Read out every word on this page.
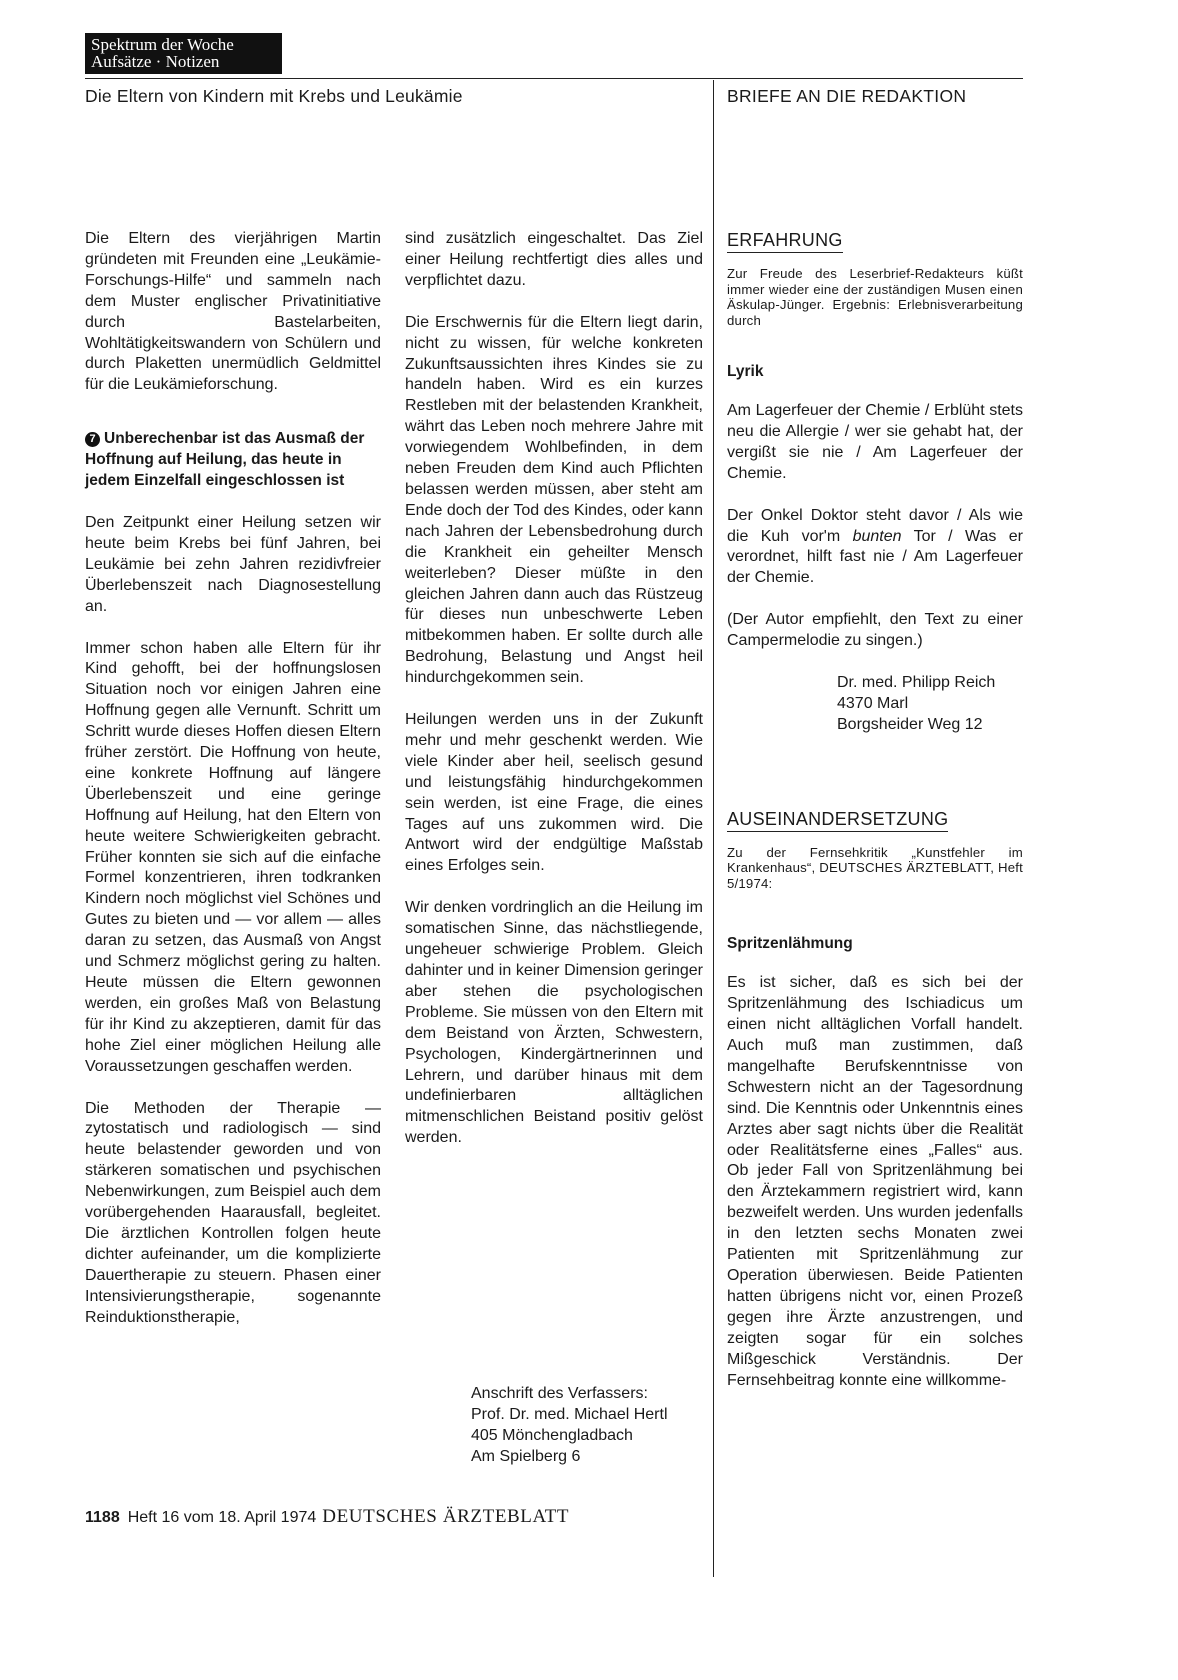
Spektrum der Woche
Aufsätze · Notizen
Die Eltern von Kindern mit Krebs und Leukämie	BRIEFE AN DIE REDAKTION

Die Eltern des vierjährigen Martin gründeten mit Freunden eine „Leukämie-Forschungs-Hilfe“ und sammeln nach dem Muster englischer Privatinitiative durch Bastelarbeiten, Wohltätigkeitswandern von Schülern und durch Plaketten unermüdlich Geldmittel für die Leukämieforschung.

7 Unberechenbar ist das Ausmaß der Hoffnung auf Heilung, das heute in jedem Einzelfall eingeschlossen ist

Den Zeitpunkt einer Heilung setzen wir heute beim Krebs bei fünf Jahren, bei Leukämie bei zehn Jahren rezidivfreier Überlebenszeit nach Diagnosestellung an.

Immer schon haben alle Eltern für ihr Kind gehofft, bei der hoffnungslosen Situation noch vor einigen Jahren eine Hoffnung gegen alle Vernunft. Schritt um Schritt wurde dieses Hoffen diesen Eltern früher zerstört. Die Hoffnung von heute, eine konkrete Hoffnung auf längere Überlebenszeit und eine geringe Hoffnung auf Heilung, hat den Eltern von heute weitere Schwierigkeiten gebracht. Früher konnten sie sich auf die einfache Formel konzentrieren, ihren todkranken Kindern noch möglichst viel Schönes und Gutes zu bieten und — vor allem — alles daran zu setzen, das Ausmaß von Angst und Schmerz möglichst gering zu halten. Heute müssen die Eltern gewonnen werden, ein großes Maß von Belastung für ihr Kind zu akzeptieren, damit für das hohe Ziel einer möglichen Heilung alle Voraussetzungen geschaffen werden.

Die Methoden der Therapie — zytostatisch und radiologisch — sind heute belastender geworden und von stärkeren somatischen und psychischen Nebenwirkungen, zum Beispiel auch dem vorübergehenden Haarausfall, begleitet. Die ärztlichen Kontrollen folgen heute dichter aufeinander, um die komplizierte Dauertherapie zu steuern. Phasen einer Intensivierungstherapie, sogenannte Reinduktionstherapie,

sind zusätzlich eingeschaltet. Das Ziel einer Heilung rechtfertigt dies alles und verpflichtet dazu.

Die Erschwernis für die Eltern liegt darin, nicht zu wissen, für welche konkreten Zukunftsaussichten ihres Kindes sie zu handeln haben. Wird es ein kurzes Restleben mit der belastenden Krankheit, währt das Leben noch mehrere Jahre mit vorwiegendem Wohlbefinden, in dem neben Freuden dem Kind auch Pflichten belassen werden müssen, aber steht am Ende doch der Tod des Kindes, oder kann nach Jahren der Lebensbedrohung durch die Krankheit ein geheilter Mensch weiterleben? Dieser müßte in den gleichen Jahren dann auch das Rüstzeug für dieses nun unbeschwerte Leben mitbekommen haben. Er sollte durch alle Bedrohung, Belastung und Angst heil hindurchgekommen sein.

Heilungen werden uns in der Zukunft mehr und mehr geschenkt werden. Wie viele Kinder aber heil, seelisch gesund und leistungsfähig hindurchgekommen sein werden, ist eine Frage, die eines Tages auf uns zukommen wird. Die Antwort wird der endgültige Maßstab eines Erfolges sein.

Wir denken vordringlich an die Heilung im somatischen Sinne, das nächstliegende, ungeheuer schwierige Problem. Gleich dahinter und in keiner Dimension geringer aber stehen die psychologischen Probleme. Sie müssen von den Eltern mit dem Beistand von Ärzten, Schwestern, Psychologen, Kindergärtnerinnen und Lehrern, und darüber hinaus mit dem undefinierbaren alltäglichen mitmenschlichen Beistand positiv gelöst werden.

Anschrift des Verfassers:
Prof. Dr. med. Michael Hertl
405 Mönchengladbach
Am Spielberg 6
ERFAHRUNG
Zur Freude des Leserbrief-Redakteurs küßt immer wieder eine der zuständigen Musen einen Äskulap-Jünger. Ergebnis: Erlebnisverarbeitung durch
Lyrik

Am Lagerfeuer der Chemie / Erblüht stets neu die Allergie / wer sie gehabt hat, der vergißt sie nie / Am Lagerfeuer der Chemie.

Der Onkel Doktor steht davor / Als wie die Kuh vor'm bunten Tor / Was er verordnet, hilft fast nie / Am Lagerfeuer der Chemie.

(Der Autor empfiehlt, den Text zu einer Campermelodie zu singen.)

Dr. med. Philipp Reich
4370 Marl
Borgsheider Weg 12
AUSEINANDERSETZUNG
Zu der Fernsehkritik „Kunstfehler im Krankenhaus“, DEUTSCHES ÄRZTEBLATT, Heft 5/1974:
Spritzenlähmung

Es ist sicher, daß es sich bei der Spritzenlähmung des Ischiadicus um einen nicht alltäglichen Vorfall handelt. Auch muß man zustimmen, daß mangelhafte Berufskenntnisse von Schwestern nicht an der Tagesordnung sind. Die Kenntnis oder Unkenntnis eines Arztes aber sagt nichts über die Realität oder Realitätsferne eines „Falles“ aus. Ob jeder Fall von Spritzenlähmung bei den Ärztekammern registriert wird, kann bezweifelt werden. Uns wurden jedenfalls in den letzten sechs Monaten zwei Patienten mit Spritzenlähmung zur Operation überwiesen. Beide Patienten hatten übrigens nicht vor, einen Prozeß gegen ihre Ärzte anzustrengen, und zeigten sogar für ein solches Mißgeschick Verständnis. Der Fernsehbeitrag konnte eine willkomme-

1188 Heft 16 vom 18. April 1974 DEUTSCHES ÄRZTEBLATT
